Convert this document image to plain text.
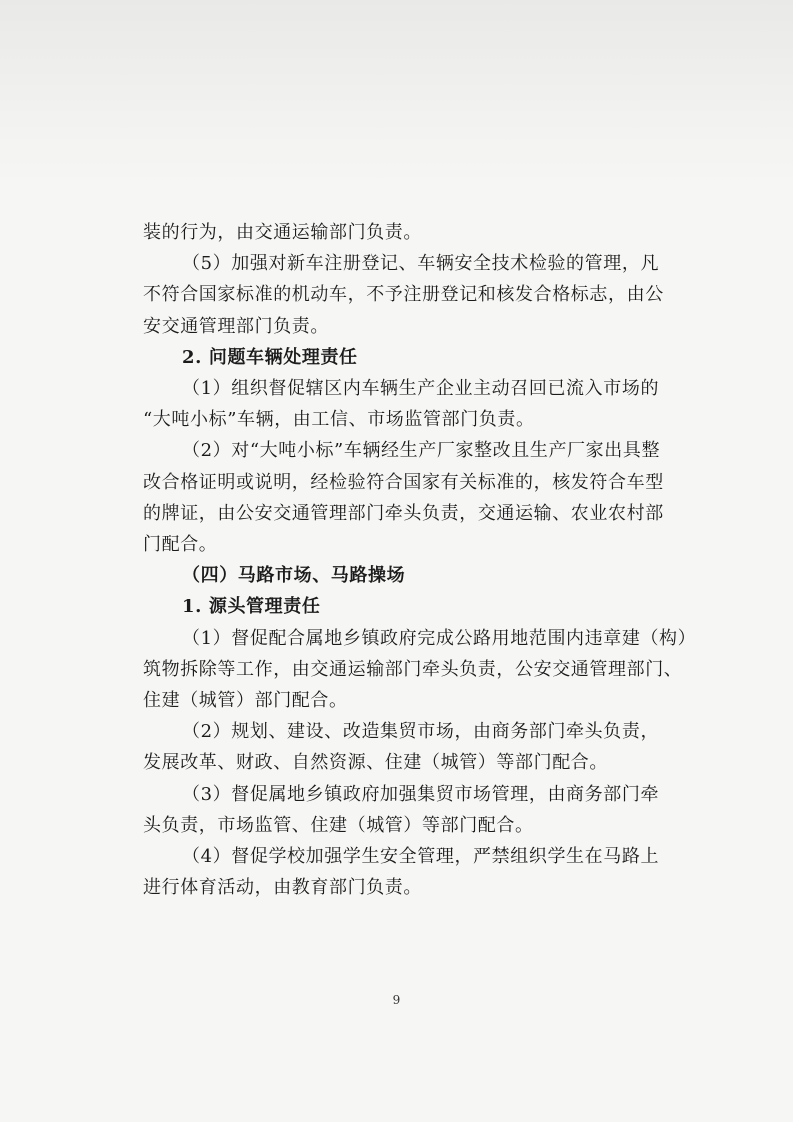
装的行为，由交通运输部门负责。
（5）加强对新车注册登记、车辆安全技术检验的管理，凡
不符合国家标准的机动车，不予注册登记和核发合格标志，由公
安交通管理部门负责。
2. 问题车辆处理责任
（1）组织督促辖区内车辆生产企业主动召回已流入市场的
“大吨小标”车辆，由工信、市场监管部门负责。
（2）对“大吨小标”车辆经生产厂家整改且生产厂家出具整
改合格证明或说明，经检验符合国家有关标准的，核发符合车型
的牌证，由公安交通管理部门牵头负责，交通运输、农业农村部
门配合。
（四）马路市场、马路操场
1. 源头管理责任
（1）督促配合属地乡镇政府完成公路用地范围内违章建（构）
筑物拆除等工作，由交通运输部门牵头负责，公安交通管理部门、
住建（城管）部门配合。
（2）规划、建设、改造集贸市场，由商务部门牵头负责，
发展改革、财政、自然资源、住建（城管）等部门配合。
（3）督促属地乡镇政府加强集贸市场管理，由商务部门牵
头负责，市场监管、住建（城管）等部门配合。
（4）督促学校加强学生安全管理，严禁组织学生在马路上
进行体育活动，由教育部门负责。
9
